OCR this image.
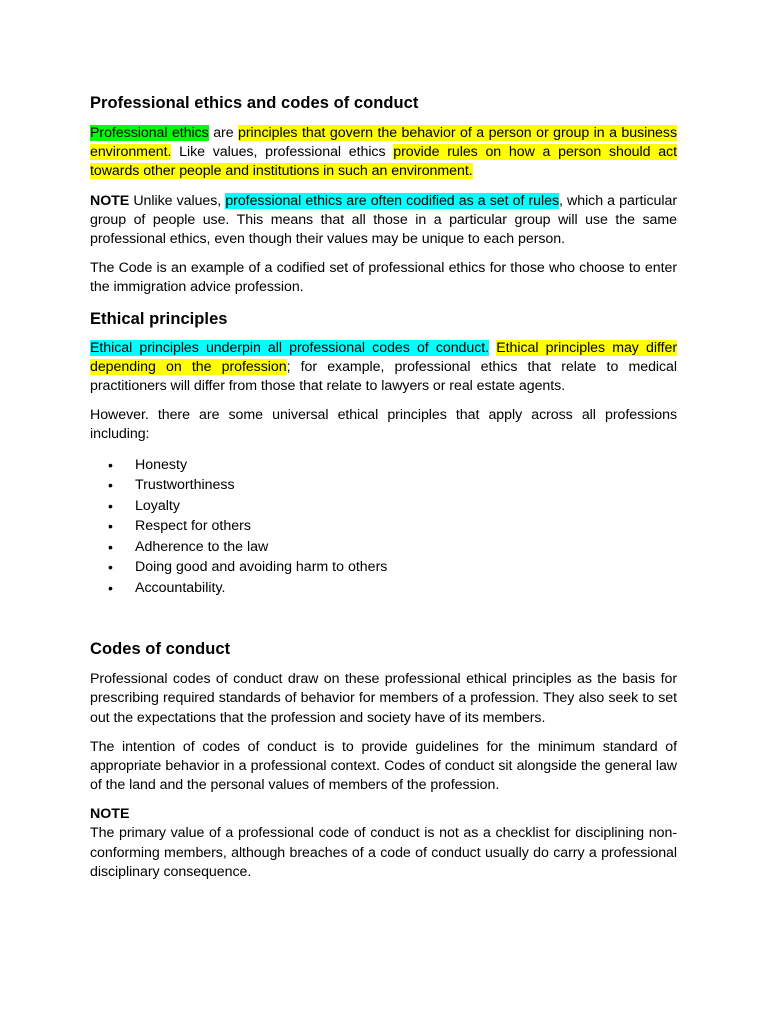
Professional ethics and codes of conduct

Professional ethics are principles that govern the behavior of a person or group in a business environment. Like values, professional ethics provide rules on how a person should act towards other people and institutions in such an environment.

NOTE Unlike values, professional ethics are often codified as a set of rules, which a particular group of people use. This means that all those in a particular group will use the same professional ethics, even though their values may be unique to each person.

The Code is an example of a codified set of professional ethics for those who choose to enter the immigration advice profession.

Ethical principles

Ethical principles underpin all professional codes of conduct. Ethical principles may differ depending on the profession; for example, professional ethics that relate to medical practitioners will differ from those that relate to lawyers or real estate agents.

However. there are some universal ethical principles that apply across all professions including:

• Honesty
• Trustworthiness
• Loyalty
• Respect for others
• Adherence to the law
• Doing good and avoiding harm to others
• Accountability.
Codes of conduct

Professional codes of conduct draw on these professional ethical principles as the basis for prescribing required standards of behavior for members of a profession. They also seek to set out the expectations that the profession and society have of its members.

The intention of codes of conduct is to provide guidelines for the minimum standard of appropriate behavior in a professional context. Codes of conduct sit alongside the general law of the land and the personal values of members of the profession.

NOTE

The primary value of a professional code of conduct is not as a checklist for disciplining non-conforming members, although breaches of a code of conduct usually do carry a professional disciplinary consequence.
